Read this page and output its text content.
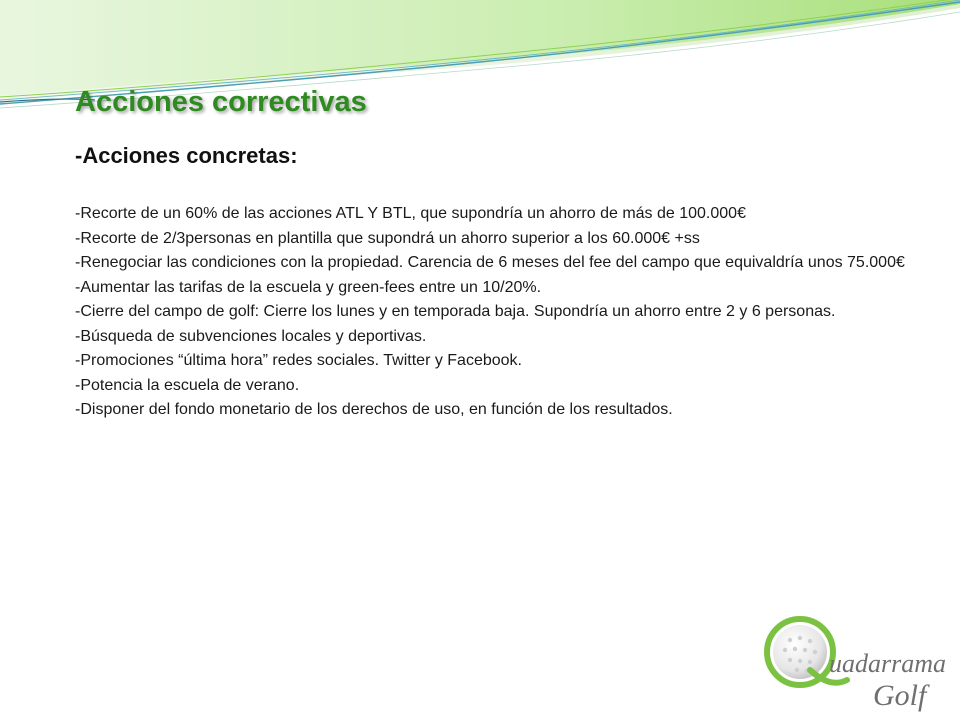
Acciones correctivas
-Acciones concretas:
-Recorte de un 60% de las acciones ATL Y BTL, que supondría un ahorro de más de 100.000€
-Recorte de 2/3personas en plantilla que supondrá un ahorro superior a los 60.000€ +ss
-Renegociar las condiciones con la propiedad. Carencia de 6 meses del fee del campo que equivaldría unos 75.000€
-Aumentar las tarifas de la escuela y green-fees entre un 10/20%.
-Cierre del campo de golf: Cierre los lunes y en temporada baja. Supondría un ahorro entre 2 y 6 personas.
-Búsqueda de subvenciones locales y deportivas.
-Promociones “última hora” redes sociales. Twitter y Facebook.
-Potencia la escuela de verano.
-Disponer del fondo monetario de los derechos de uso, en función de los resultados.
uadarrama
Golf
